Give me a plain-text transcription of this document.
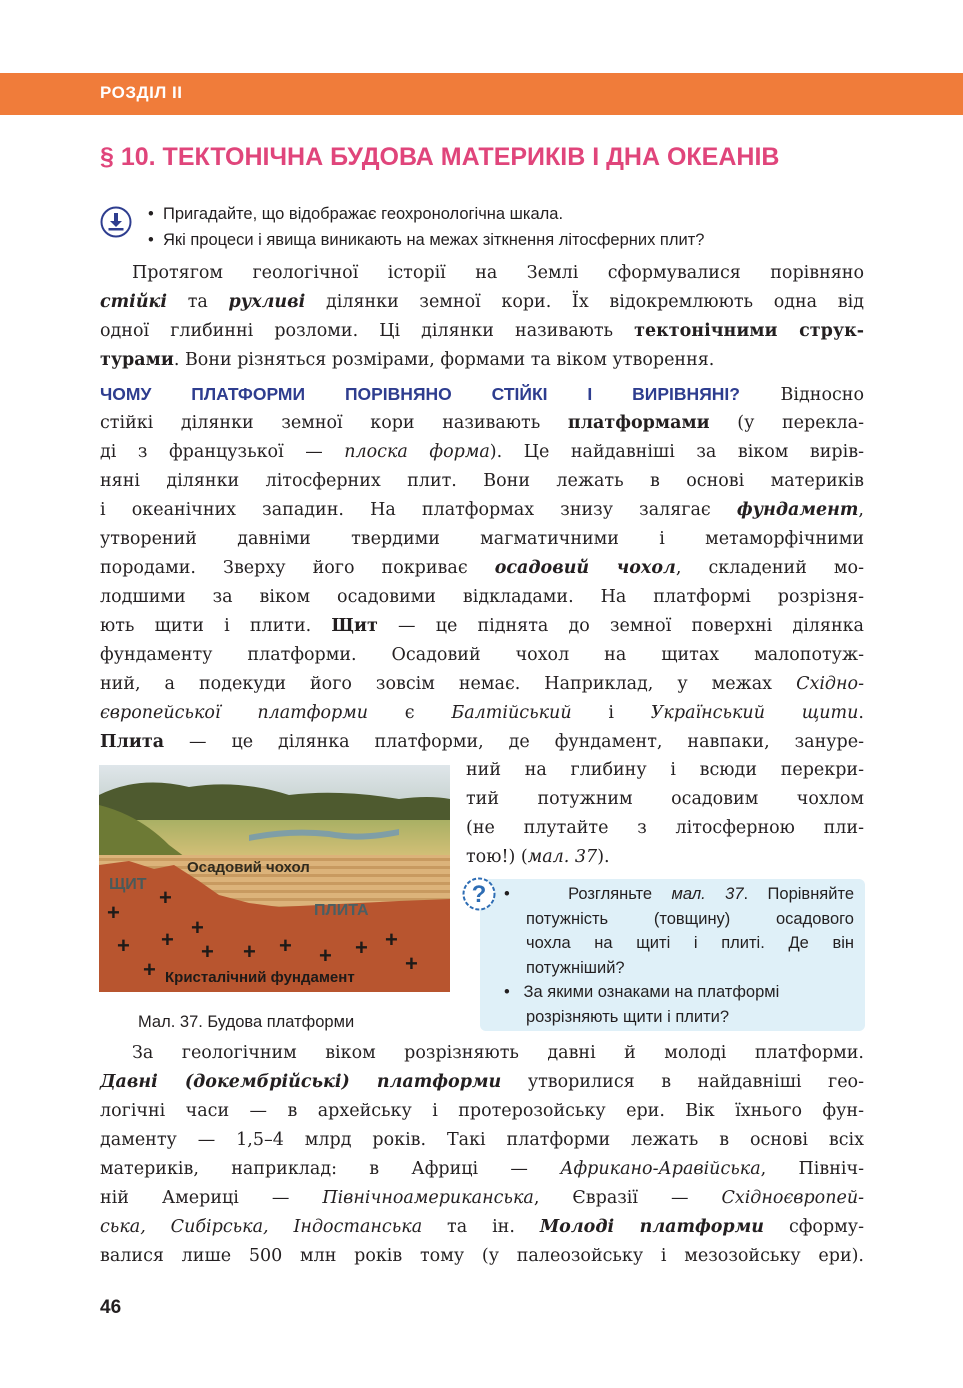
РОЗДІЛ ІІ
§ 10. ТЕКТОНІЧНА БУДОВА МАТЕРИКІВ І ДНА ОКЕАНІВ
•  Пригадайте, що відображає геохронологічна шкала.
•  Які процеси і явища виникають на межах зіткнення літосферних плит?
Протягом геологічної історії на Землі сформувалися порівняно
стійкі та рухливі ділянки земної кори. Їх відокремлюють одна від
одної глибинні розломи. Ці ділянки називають тектонічними струк-
турами. Вони різняться розмірами, формами та віком утворення.
ЧОМУ ПЛАТФОРМИ ПОРІВНЯНО СТІЙКІ І ВИРІВНЯНІ? Відносно
стійкі ділянки земної кори називають платформами (у перекла-
ді з французької — плоска форма). Це найдавніші за віком вирів-
няні ділянки літосферних плит. Вони лежать в основі материків
і океанічних западин. На платформах знизу залягає фундамент,
утворений давніми твердими магматичними і метаморфічними
породами. Зверху його покриває осадовий чохол, складений мо-
лодшими за віком осадовими відкладами. На платформі розрізня-
ють щити і плити. Щит — це піднята до земної поверхні ділянка
фундаменту платформи. Осадовий чохол на щитах малопотуж-
ний, а подекуди його зовсім немає. Наприклад, у межах Східно-
європейської платформи є Балтійський і Український щити.
Плита — це ділянка платформи, де фундамент, навпаки, зануре-
ний на глибину і всюди перекри-
тий потужним осадовим чохлом
(не плутайте з літосферною пли-
тою!) (мал. 37).
Осадовий чохол
ЩИТ
ПЛИТА
Кристалічний фундамент
+
+
+ + +
+ + + + + +
+
+
Мал. 37. Будова платформи
? •   Розгляньте мал. 37. Порівняйте
потужність (товщину) осадового
чохла на щиті і плиті. Де він
потужніший?
•   За якими ознаками на платформі
розрізняють щити і плити?
За геологічним віком розрізняють давні й молоді платформи.
Давні (докембрійські) платформи утворилися в найдавніші гео-
логічні часи — в архейську і протерозойську ери. Вік їхнього фун-
даменту — 1,5–4 млрд років. Такі платформи лежать в основі всіх
материків, наприклад: в Африці — Африкано-Аравійська, Північ-
ній Америці — Північноамериканська, Євразії — Східноєвропей-
ська, Сибірська, Індостанська та ін. Молоді платформи сформу-
валися лише 500 млн років тому (у палеозойську і мезозойську ери).
46
